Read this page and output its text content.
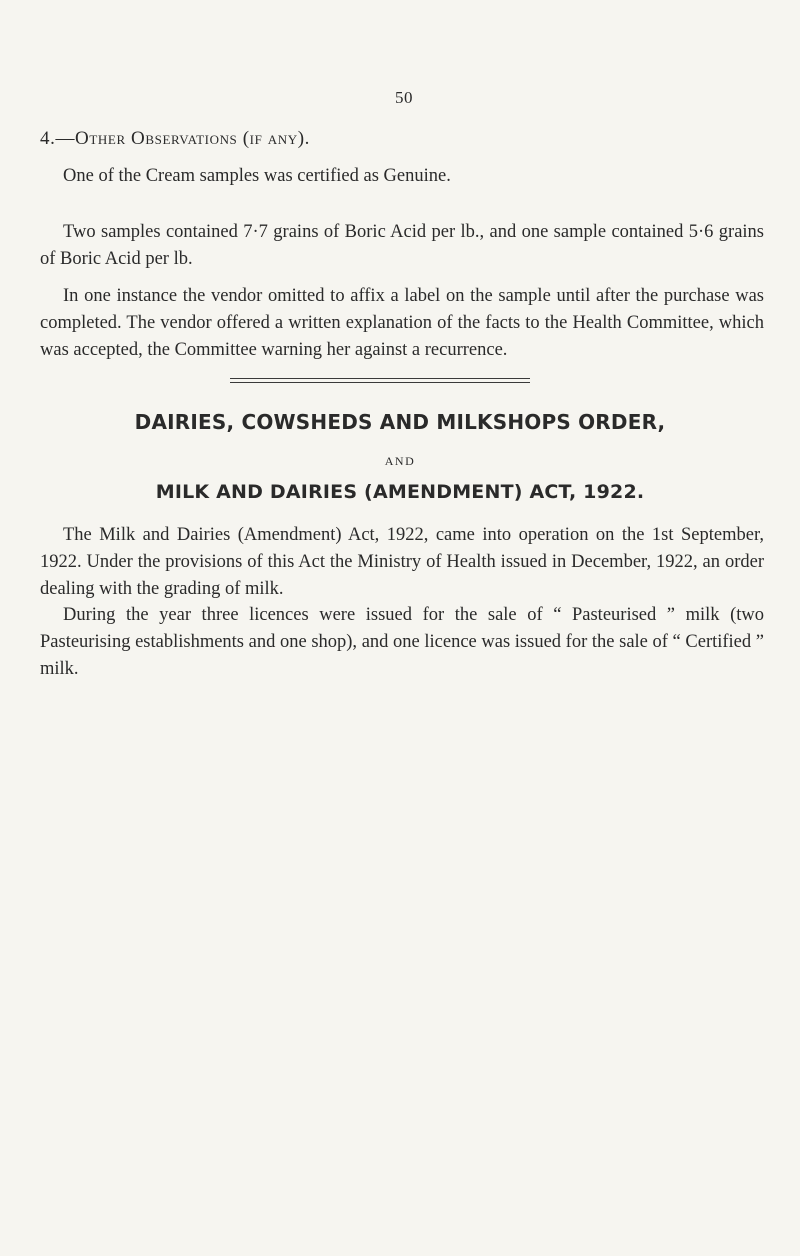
50
4.—Other Observations (if any).

One of the Cream samples was certified as Genuine.

Two samples contained 7·7 grains of Boric Acid per lb., and one sample contained 5·6 grains of Boric Acid per lb.

In one instance the vendor omitted to affix a label on the sample until after the purchase was completed. The vendor offered a written explanation of the facts to the Health Committee, which was accepted, the Committee warning her against a recurrence.

DAIRIES, COWSHEDS AND MILKSHOPS ORDER,
AND
MILK AND DAIRIES (AMENDMENT) ACT, 1922.

The Milk and Dairies (Amendment) Act, 1922, came into operation on the 1st September, 1922. Under the provisions of this Act the Ministry of Health issued in December, 1922, an order dealing with the grading of milk.

During the year three licences were issued for the sale of “ Pasteurised ” milk (two Pasteurising establishments and one shop), and one licence was issued for the sale of “ Certified ” milk.
